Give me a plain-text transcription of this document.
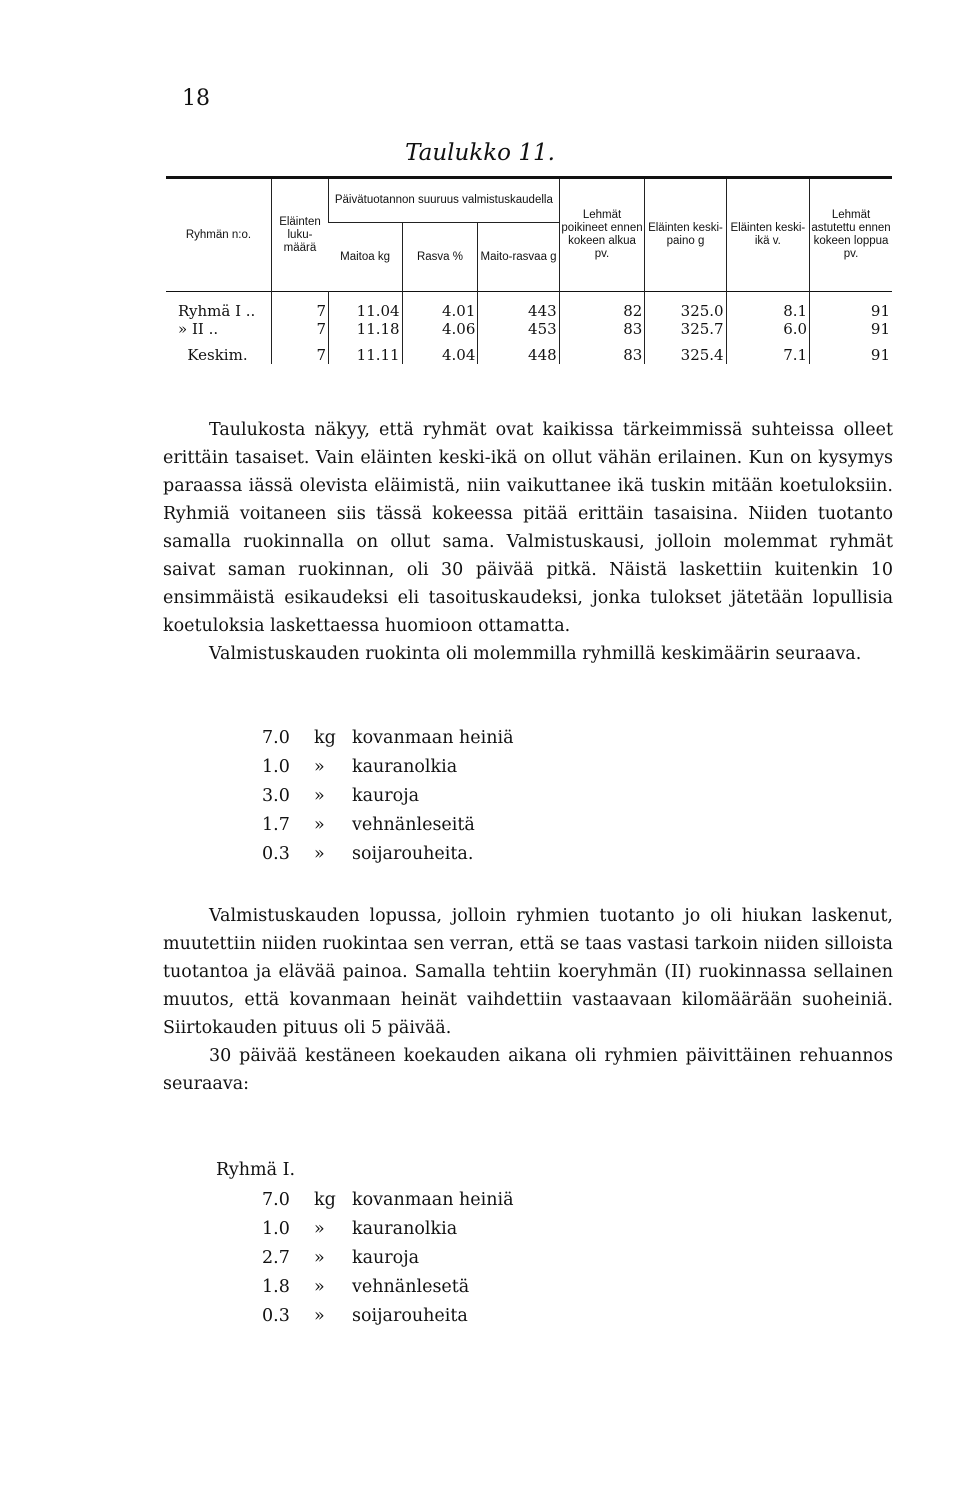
18
Taulukko 11.
Ryhmän n:o.	Eläinten luku-määrä	Päivätuotannon suuruus valmistuskaudella			Lehmät poikineet ennen kokeen alkua pv.	Eläinten keski-paino g	Eläinten keski-ikä v.	Lehmät astutettu ennen kokeen loppua pv.
		Maitoa kg	Rasva %	Maito-rasvaa g				

Ryhmä I ..	7	11.04	4.01	443	82	325.0	8.1	91
» II ..	7	11.18	4.06	453	83	325.7	6.0	91
Keskim.	7	11.11	4.04	448	83	325.4	7.1	91

Taulukosta näkyy, että ryhmät ovat kaikissa tärkeimmissä suhteissa olleet erittäin tasaiset. Vain eläinten keski-ikä on ollut vähän erilainen. Kun on kysymys paraassa iässä olevista eläimistä, niin vaikuttanee ikä tuskin mitään koetuloksiin. Ryhmiä voitaneen siis tässä kokeessa pitää erittäin tasaisina. Niiden tuotanto samalla ruokinnalla on ollut sama. Valmistuskausi, jolloin molemmat ryhmät saivat saman ruokinnan, oli 30 päivää pitkä. Näistä laskettiin kuitenkin 10 ensimmäistä esikaudeksi eli tasoituskaudeksi, jonka tulokset jätetään lopullisia koetuloksia laskettaessa huomioon ottamatta.

Valmistuskauden ruokinta oli molemmilla ryhmillä keskimäärin seuraava.

7.0	kg kovanmaan heiniä
1.0	»	kauranolkia
3.0	»	kauroja
1.7	»	vehnänleseitä
0.3	»	soijarouheita.

Valmistuskauden lopussa, jolloin ryhmien tuotanto jo oli hiukan laskenut, muutettiin niiden ruokintaa sen verran, että se taas vastasi tarkoin niiden silloista tuotantoa ja elävää painoa. Samalla tehtiin koeryhmän (II) ruokinnassa sellainen muutos, että kovanmaan heinät vaihdettiin vastaavaan kilomäärään suoheiniä. Siirtokauden pituus oli 5 päivää.

30 päivää kestäneen koekauden aikana oli ryhmien päivittäinen rehuannos seuraava:

Ryhmä I.
7.0	kg kovanmaan heiniä
1.0	»	kauranolkia
2.7	»	kauroja
1.8	»	vehnänlesetä
0.3	»	soijarouheita
